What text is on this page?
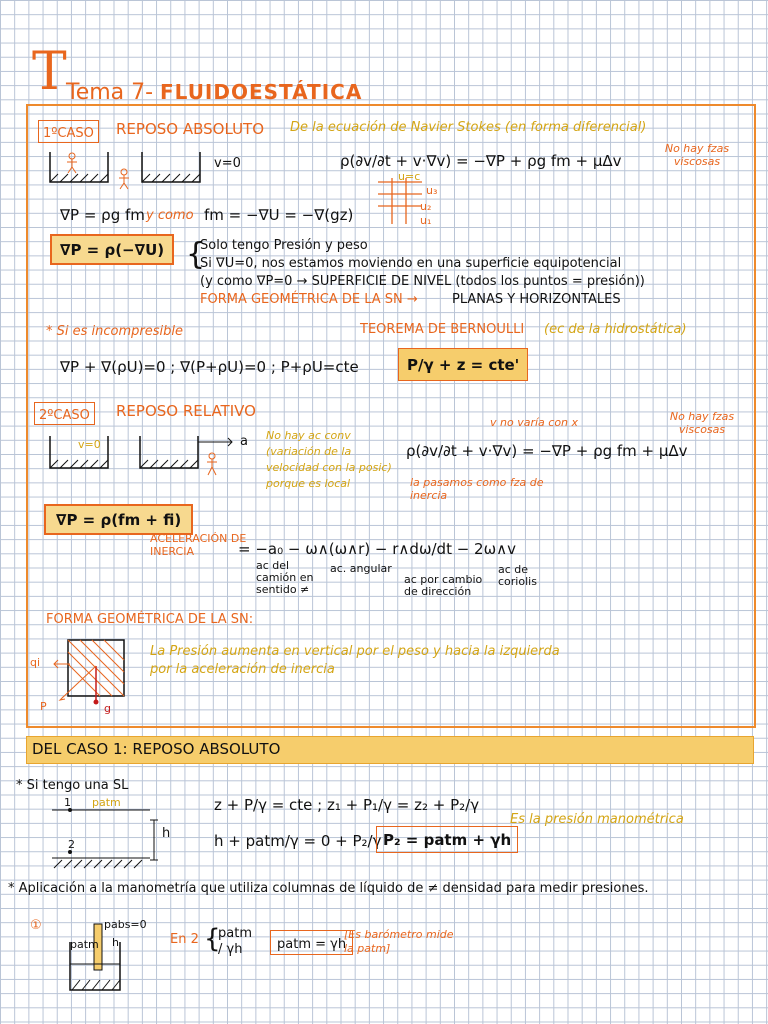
T Tema 7- FLUIDOESTÁTICA
1ºCASO	REPOSO ABSOLUTO De la ecuación de Navier Stokes (en forma diferencial)
No hay fzas viscosas
v=0	ρ(∂v/∂t + v·∇v) = −∇P + ρg fm + μΔv
u=c
u₃
u₂
u₁
∇P = ρg fm y como fm = −∇U = −∇(gz)
∇P = ρ(−∇U) {
Solo tengo Presión y peso
Si ∇U=0, nos estamos moviendo en una superficie equipotencial
(y como ∇P=0 → SUPERFICIE DE NIVEL (todos los puntos = presión))
FORMA GEOMÉTRICA DE LA SN →	PLANAS Y HORIZONTALES
* Si es incompresible	TEOREMA DE BERNOULLI (ec de la hidrostática)
∇P + ∇(ρU)=0 ; ∇(P+ρU)=0 ; P+ρU=cte	P/γ + z = cte'
2ºCASO	REPOSO RELATIVO
v=0	a No hay ac conv (variación de la velocidad con la posic) porque es local
v no varía con x	No hay fzas viscosas
ρ(∂v/∂t + v·∇v) = −∇P + ρg fm + μΔv
la pasamos como fza de inercia
∇P = ρ(fm + fi)
ACELERACIÓN DE INERCIA	= −a₀ − ω∧(ω∧r) − r∧dω/dt − 2ω∧v
ac del camión en sentido ≠
ac. angular
ac por cambio de dirección
ac de coriolis
FORMA GEOMÉTRICA DE LA SN:
qi
P	g
La Presión aumenta en vertical por el peso y hacia la izquierda
por la aceleración de inercia
DEL CASO 1: REPOSO ABSOLUTO
* Si tengo una SL
1 patm
2
h
z + P/γ = cte ; z₁ + P₁/γ = z₂ + P₂/γ
h + patm/γ = 0 + P₂/γ P₂ = patm + γh
Es la presión manométrica
* Aplicación a la manometría que utiliza columnas de líquido de ≠ densidad para medir presiones.
①	pabs=0
patm h	En 2 {
patm / γh	patm = γh
[Es barómetro mide la patm]
